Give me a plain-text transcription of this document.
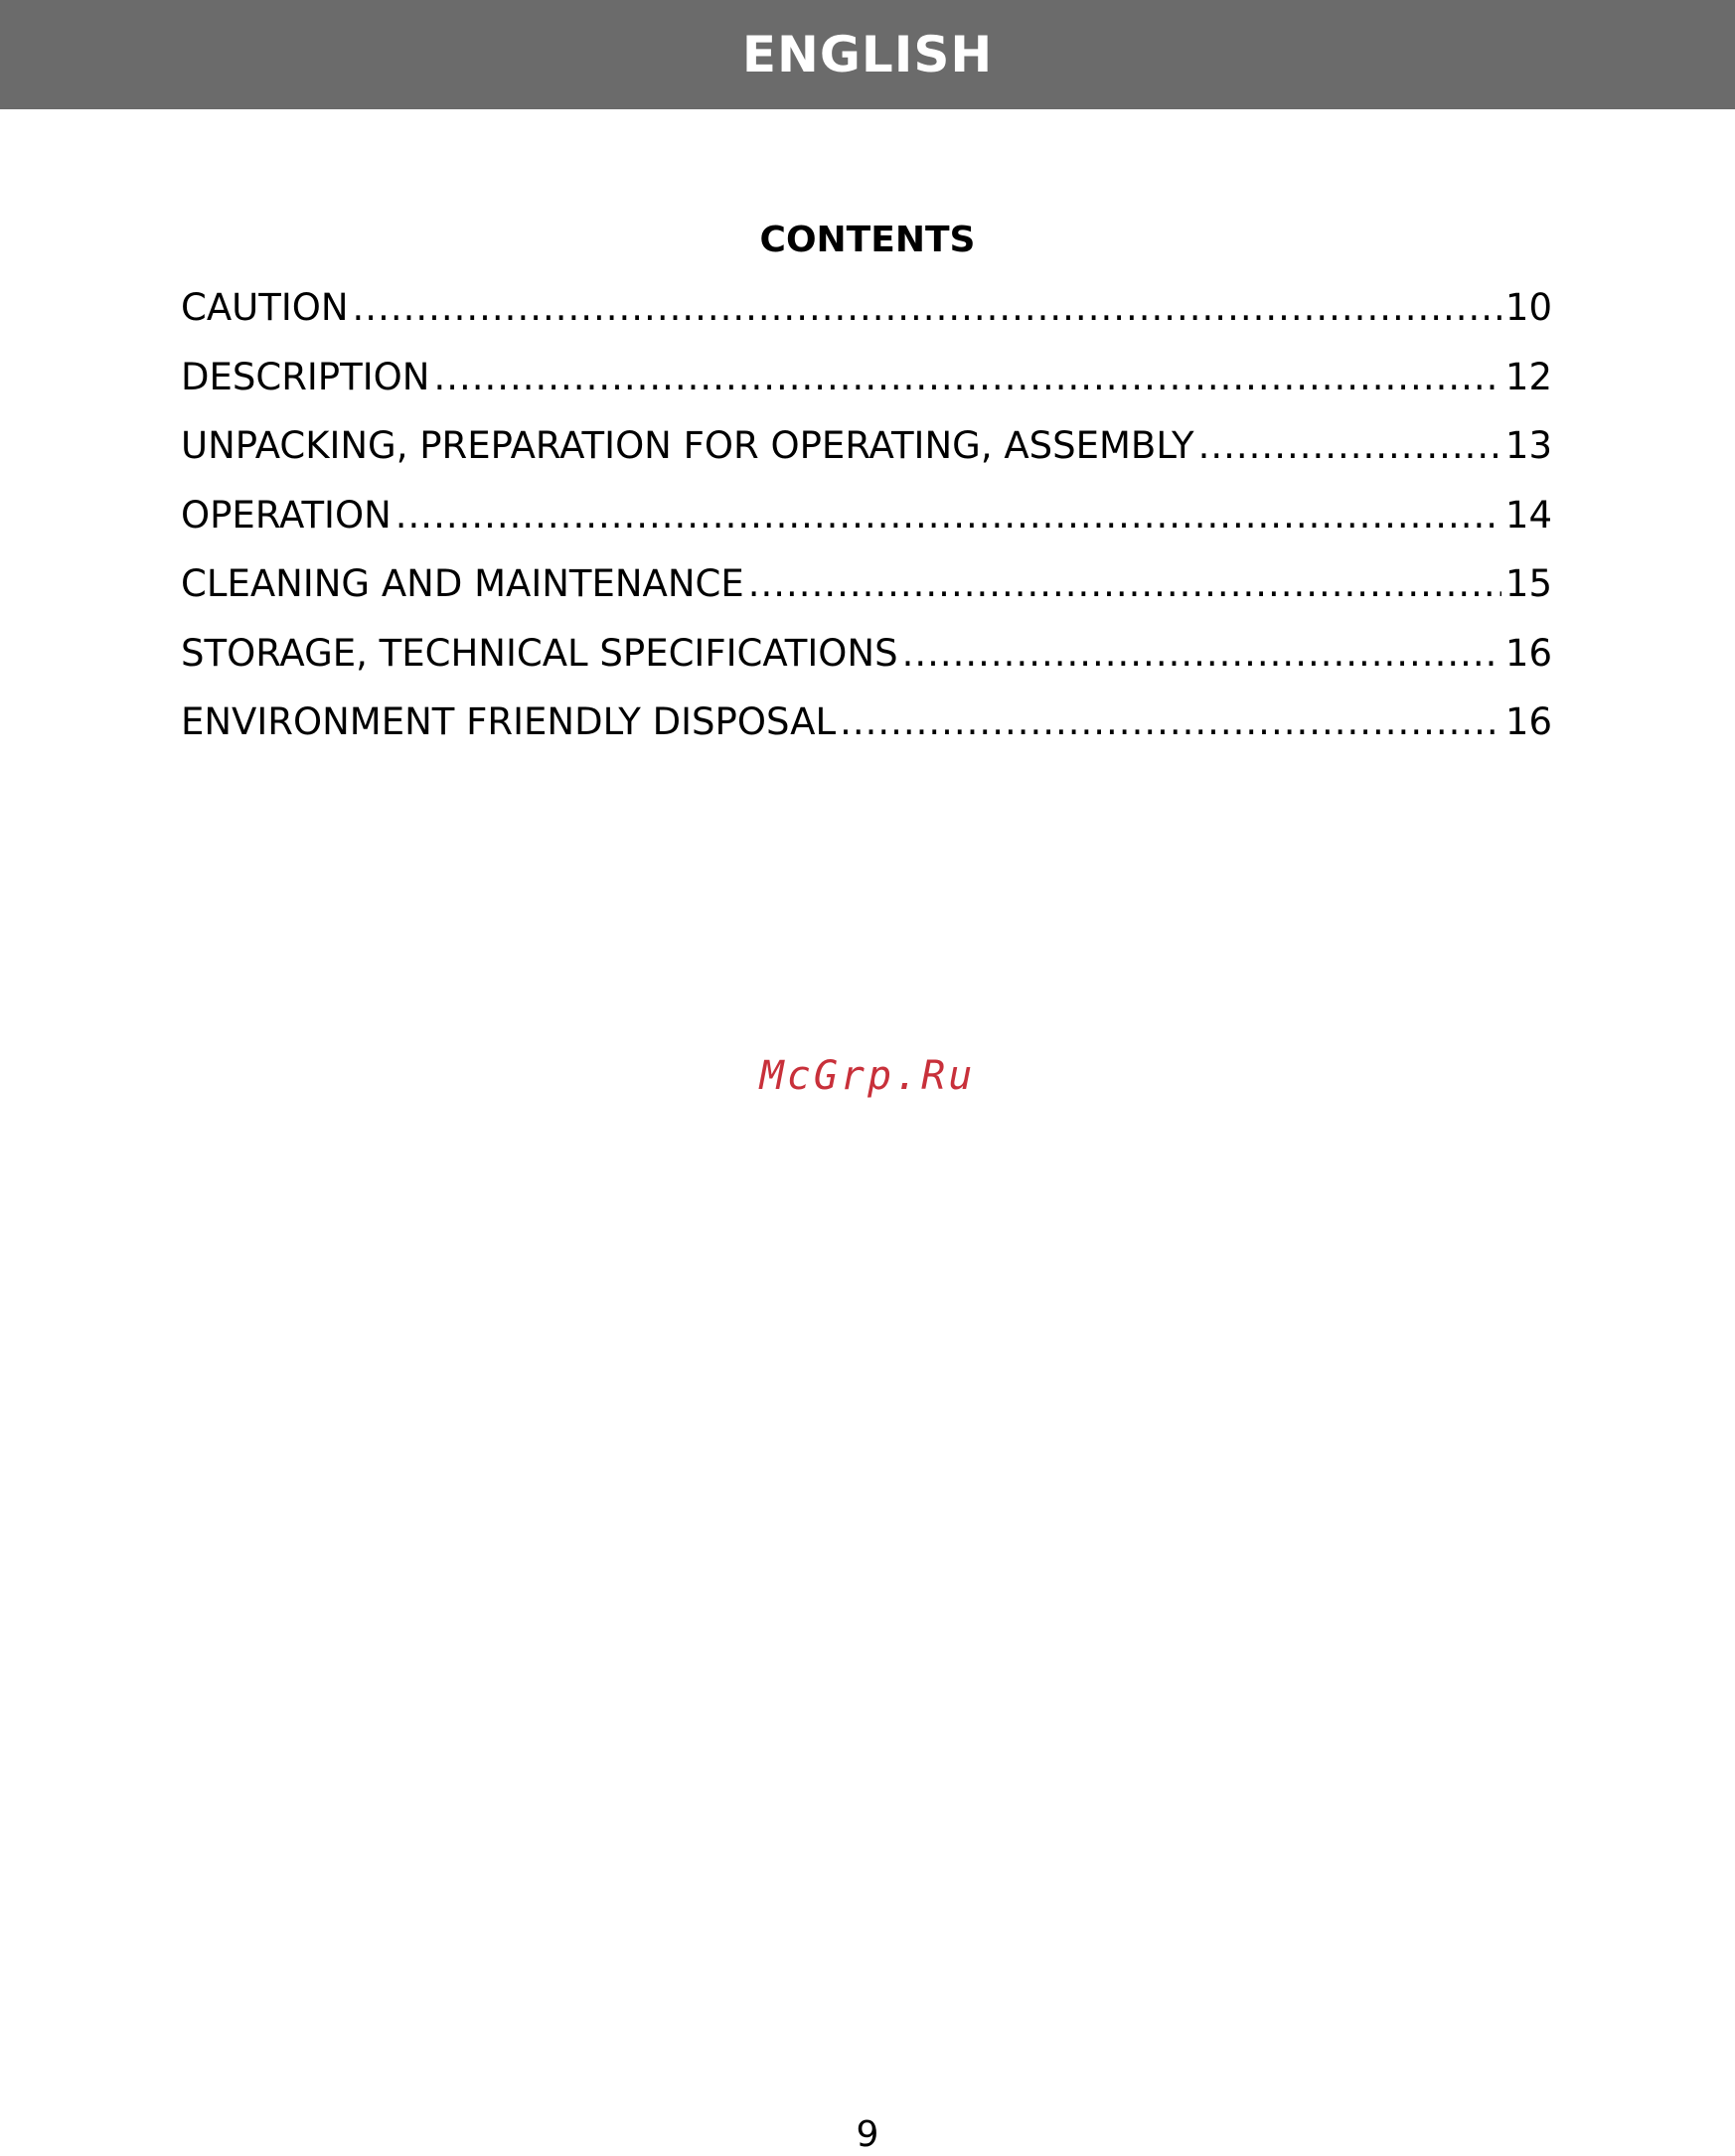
ENGLISH
CONTENTS
CAUTION .....	10
DESCRIPTION .....	12
UNPACKING, PREPARATION FOR OPERATING, ASSEMBLY .....	13
OPERATION .....	14
CLEANING AND MAINTENANCE .....	15
STORAGE, TECHNICAL SPECIFICATIONS .....	16
ENVIRONMENT FRIENDLY DISPOSAL .....	16
McGrp.Ru
9
